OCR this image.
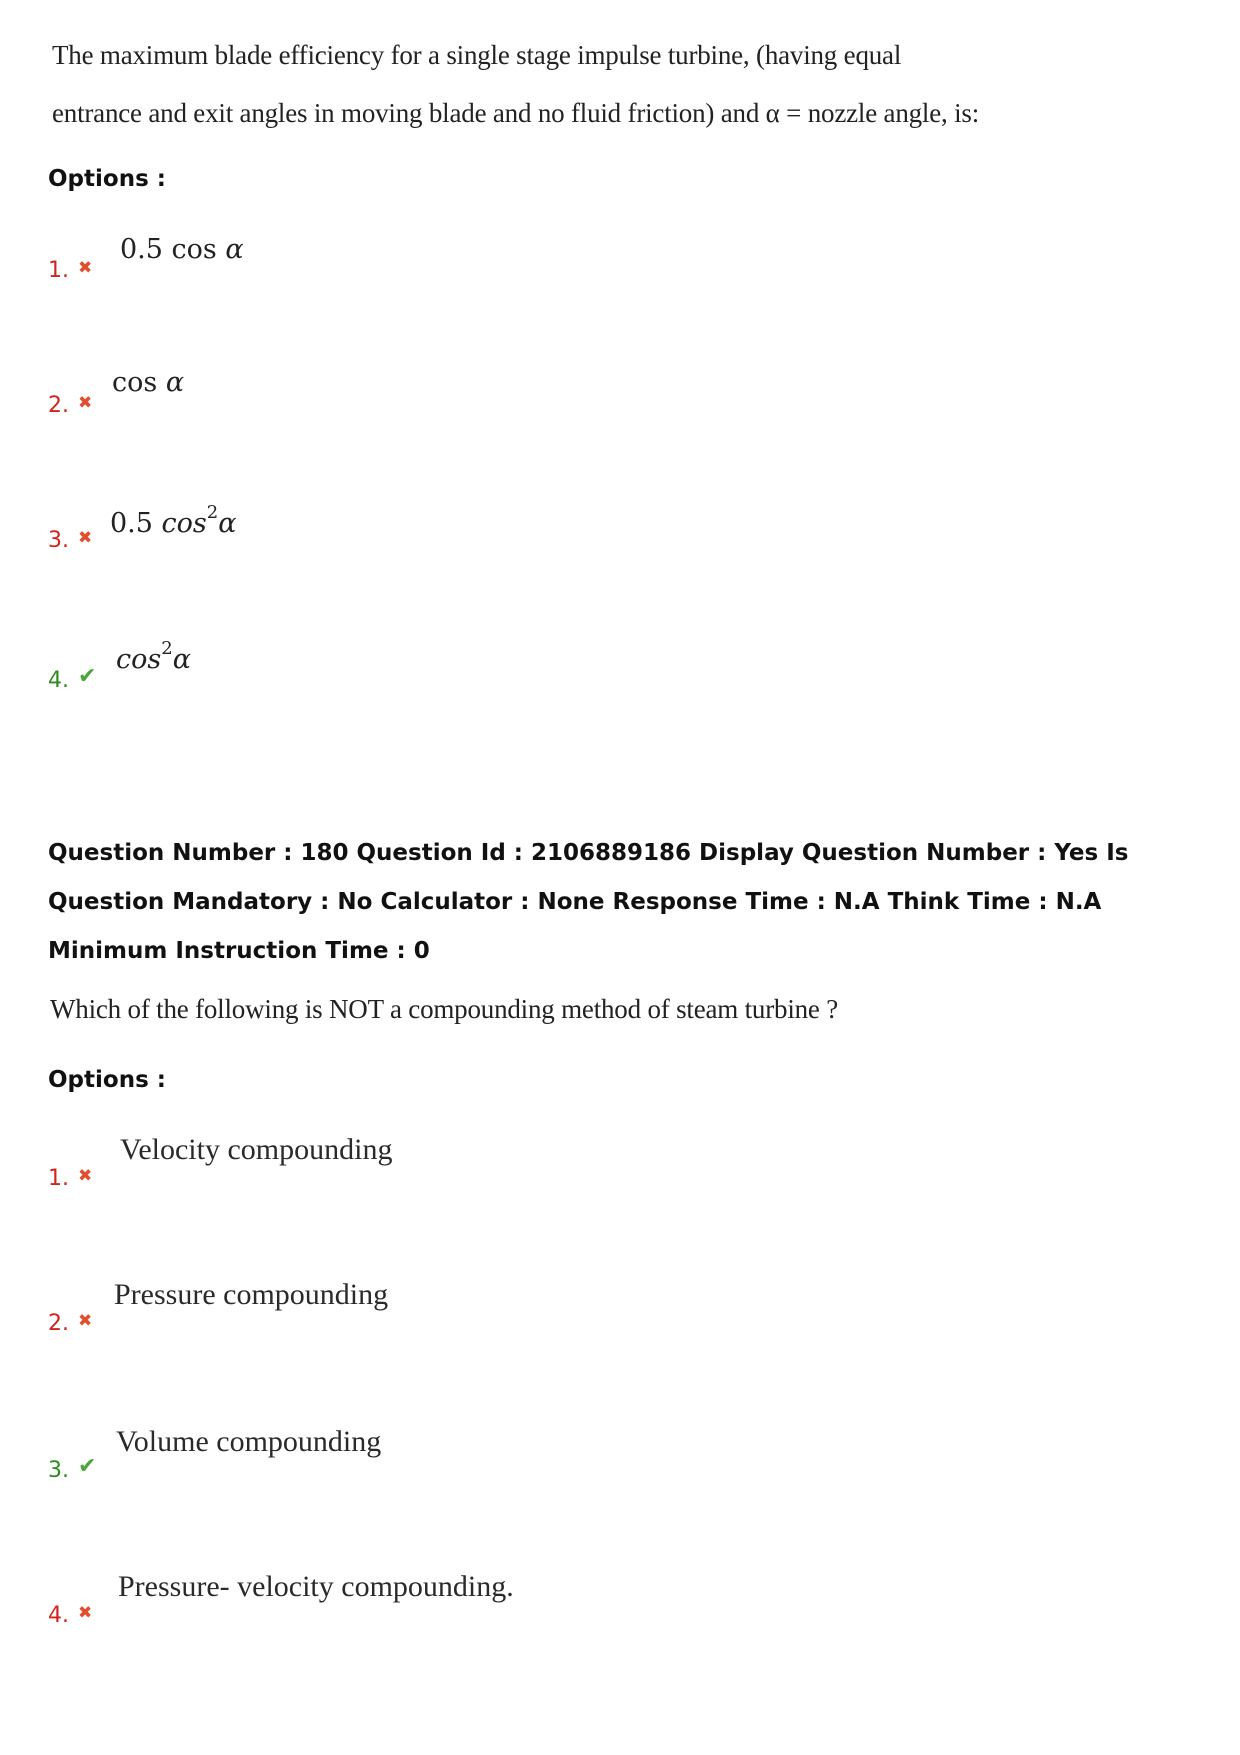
The maximum blade efficiency for a single stage impulse turbine, (having equal
entrance and exit angles in moving blade and no fluid friction) and α = nozzle angle, is:
Options :
1. ✖
0.5 cos α
2. ✖
cos α
3. ✖ 0.5 $\cos^2\alpha$
4. ✔
$\cos^2\alpha$
Question Number : 180 Question Id : 2106889186 Display Question Number : Yes Is Question Mandatory : No Calculator : None Response Time : N.A Think Time : N.A Minimum Instruction Time : 0
Which of the following is NOT a compounding method of steam turbine ?
Options :
1. ✖
Velocity compounding
2. ✖
Pressure compounding
3. ✔
Volume compounding
4. ✖
Pressure- velocity compounding.
